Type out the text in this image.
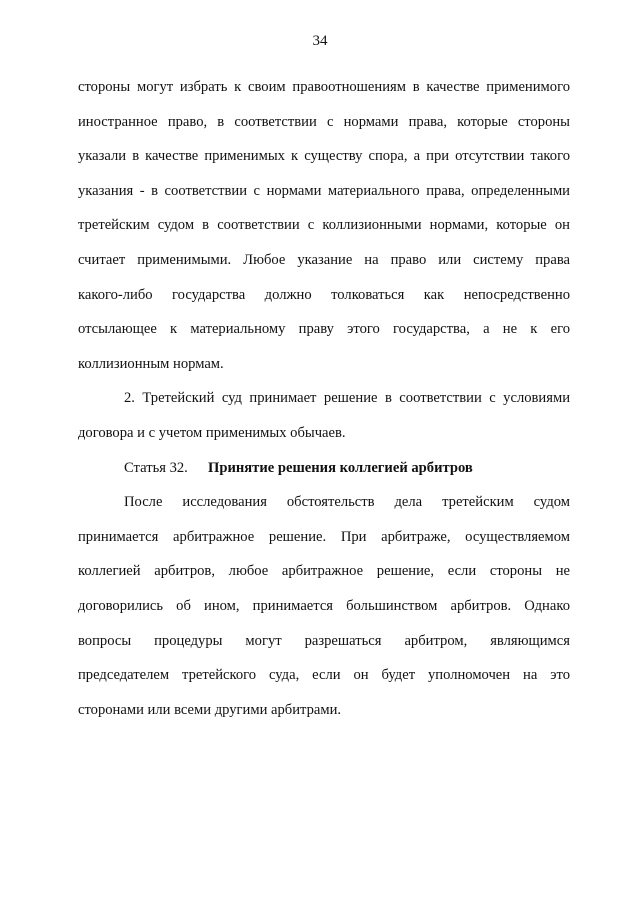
34
стороны могут избрать к своим правоотношениям в качестве применимого
иностранное право, в соответствии с нормами права, которые стороны
указали в качестве применимых к существу спора, а при отсутствии такого
указания - в соответствии с нормами материального права, определенными
третейским судом в соответствии с коллизионными нормами, которые он
считает применимыми. Любое указание на право или систему права
какого-либо государства должно толковаться как непосредственно
отсылающее к материальному праву этого государства, а не к его
коллизионным нормам.
2. Третейский суд принимает решение в соответствии с условиями
договора и с учетом применимых обычаев.
Статья 32. Принятие решения коллегией арбитров
После исследования обстоятельств дела третейским судом
принимается арбитражное решение. При арбитраже, осуществляемом
коллегией арбитров, любое арбитражное решение, если стороны не
договорились об ином, принимается большинством арбитров. Однако
вопросы процедуры могут разрешаться арбитром, являющимся
председателем третейского суда, если он будет уполномочен на это
сторонами или всеми другими арбитрами.
